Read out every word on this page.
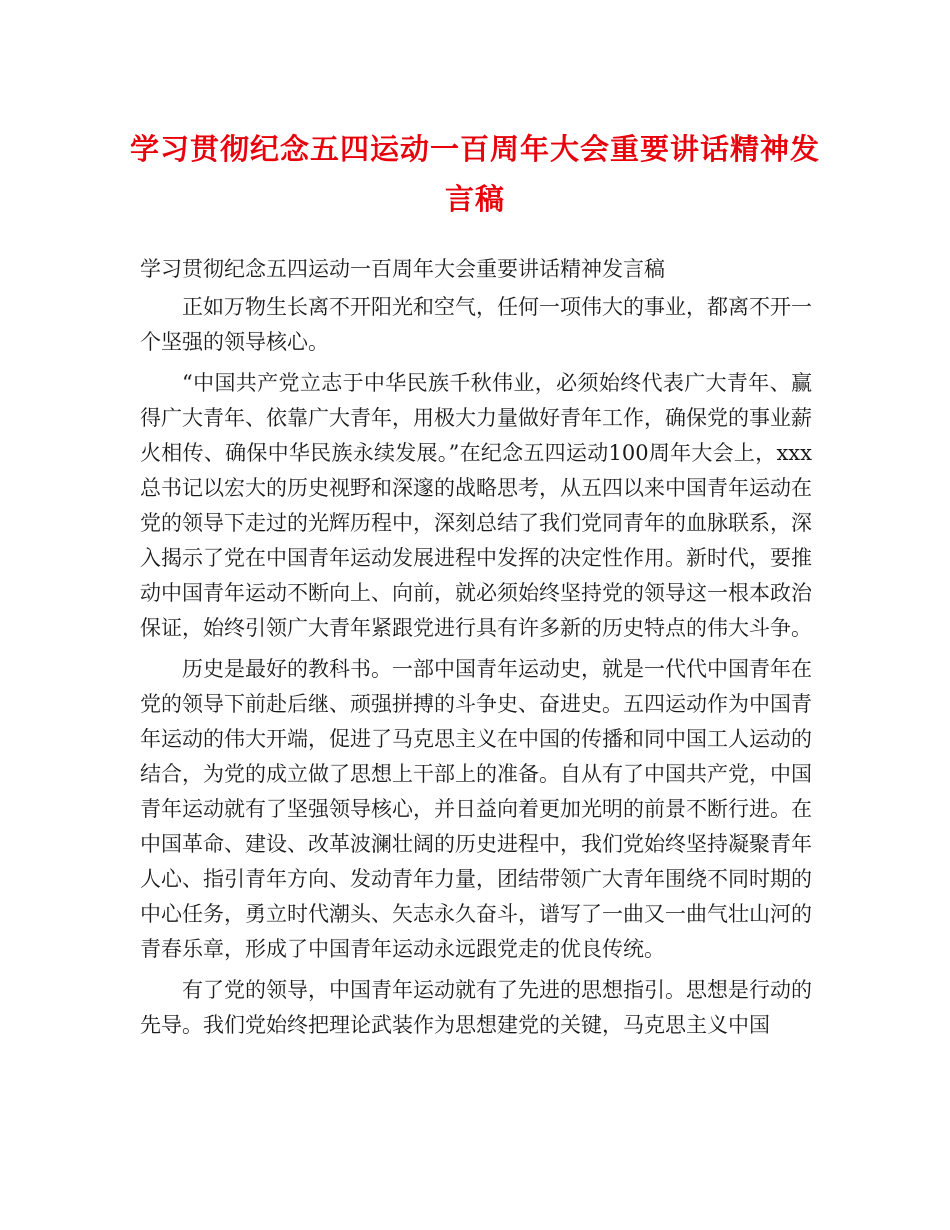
学习贯彻纪念五四运动一百周年大会重要讲话精神发言稿

学习贯彻纪念五四运动一百周年大会重要讲话精神发言稿

正如万物生长离不开阳光和空气，任何一项伟大的事业，都离不开一个坚强的领导核心。

“中国共产党立志于中华民族千秋伟业，必须始终代表广大青年、赢得广大青年、依靠广大青年，用极大力量做好青年工作，确保党的事业薪火相传、确保中华民族永续发展。”在纪念五四运动100周年大会上，xxx总书记以宏大的历史视野和深邃的战略思考，从五四以来中国青年运动在党的领导下走过的光辉历程中，深刻总结了我们党同青年的血脉联系，深入揭示了党在中国青年运动发展进程中发挥的决定性作用。新时代，要推动中国青年运动不断向上、向前，就必须始终坚持党的领导这一根本政治保证，始终引领广大青年紧跟党进行具有许多新的历史特点的伟大斗争。

历史是最好的教科书。一部中国青年运动史，就是一代代中国青年在党的领导下前赴后继、顽强拼搏的斗争史、奋进史。五四运动作为中国青年运动的伟大开端，促进了马克思主义在中国的传播和同中国工人运动的结合，为党的成立做了思想上干部上的准备。自从有了中国共产党，中国青年运动就有了坚强领导核心，并日益向着更加光明的前景不断行进。在中国革命、建设、改革波澜壮阔的历史进程中，我们党始终坚持凝聚青年人心、指引青年方向、发动青年力量，团结带领广大青年围绕不同时期的中心任务，勇立时代潮头、矢志永久奋斗，谱写了一曲又一曲气壮山河的青春乐章，形成了中国青年运动永远跟党走的优良传统。

有了党的领导，中国青年运动就有了先进的思想指引。思想是行动的先导。我们党始终把理论武装作为思想建党的关键，马克思主义中国
